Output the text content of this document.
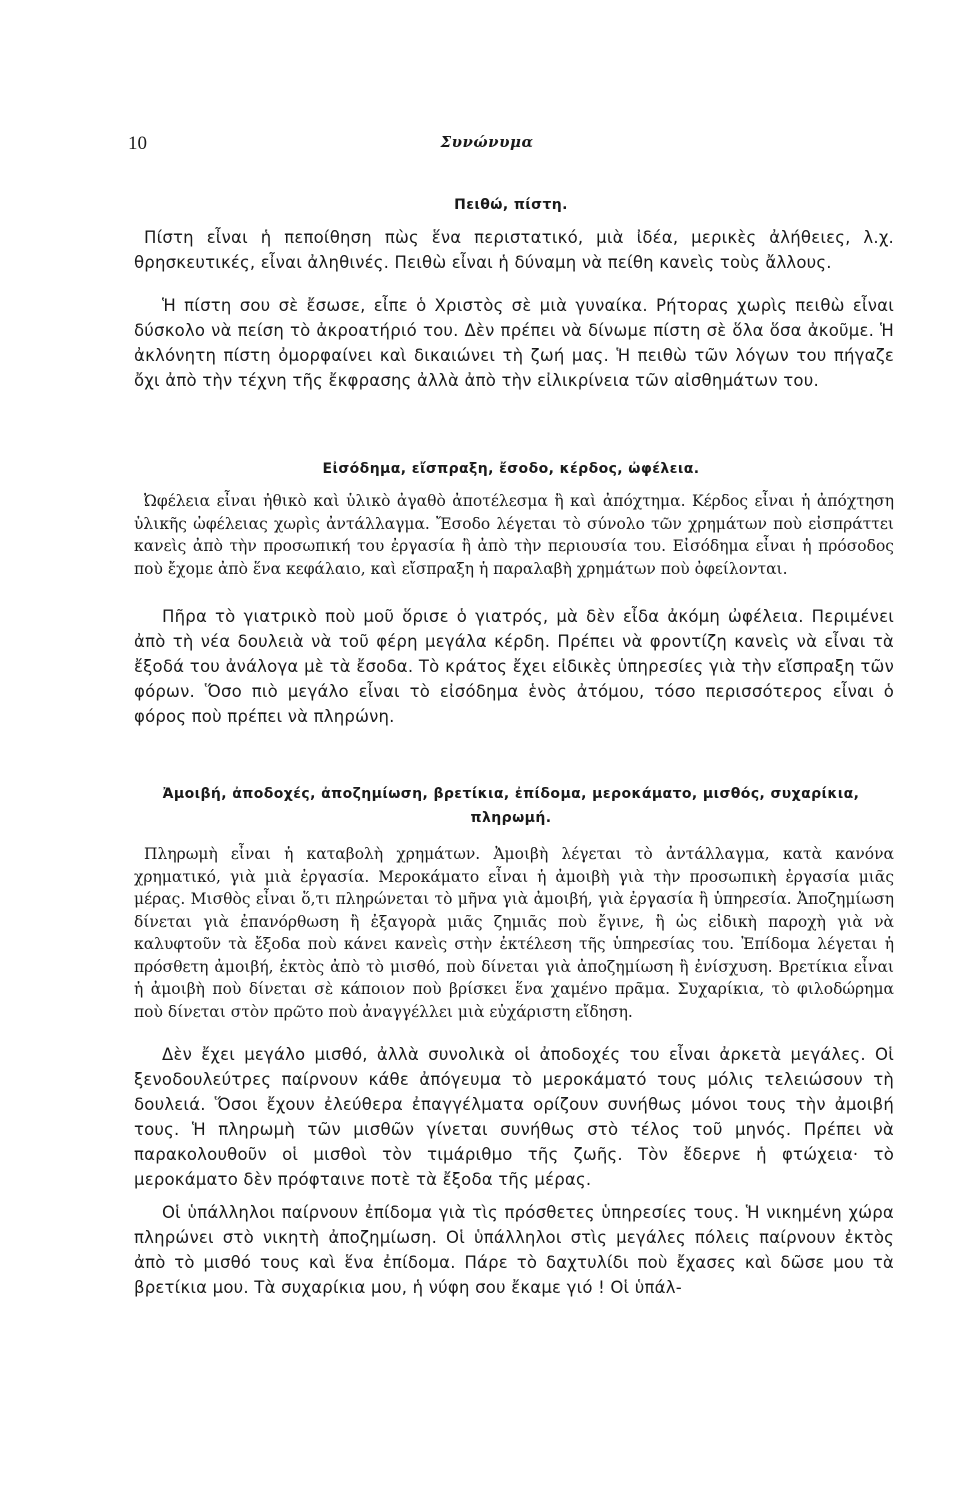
10	Συνώνυμα
Πειθώ, πίστη.

Πίστη εἶναι ἡ πεποίθηση πὼς ἕνα περιστατικό, μιὰ ἰδέα, μερικὲς ἀλήθειες, λ.χ. θρησκευτικές, εἶναι ἀληθινές. Πειθὼ εἶναι ἡ δύναμη νὰ πείθη κανεὶς τοὺς ἄλλους.

Ἡ πίστη σου σὲ ἔσωσε, εἶπε ὁ Χριστὸς σὲ μιὰ γυναίκα. Ρήτορας χωρὶς πειθὼ εἶναι δύσκολο νὰ πείση τὸ ἀκροατήριό του. Δὲν πρέπει νὰ δίνωμε πίστη σὲ ὅλα ὅσα ἀκοῦμε. Ἡ ἀκλόνητη πίστη ὀμορφαίνει καὶ δικαιώνει τὴ ζωή μας. Ἡ πειθὼ τῶν λόγων του πήγαζε ὄχι ἀπὸ τὴν τέχνη τῆς ἔκφρασης ἀλλὰ ἀπὸ τὴν εἰλικρίνεια τῶν αἰσθημάτων του.

Εἰσόδημα, εἴσπραξη, ἔσοδο, κέρδος, ὠφέλεια.

Ὠφέλεια εἶναι ἠθικὸ καὶ ὑλικὸ ἀγαθὸ ἀποτέλεσμα ἢ καὶ ἀπόχτημα. Κέρδος εἶναι ἡ ἀπόχτηση ὑλικῆς ὠφέλειας χωρὶς ἀντάλλαγμα. Ἔσοδο λέγεται τὸ σύνολο τῶν χρημάτων ποὺ εἰσπράττει κανεὶς ἀπὸ τὴν προσωπική του ἐργασία ἢ ἀπὸ τὴν περιουσία του. Εἰσόδημα εἶναι ἡ πρόσοδος ποὺ ἔχομε ἀπὸ ἕνα κεφάλαιο, καὶ εἴσπραξη ἡ παραλαβὴ χρημάτων ποὺ ὀφείλονται.

Πῆρα τὸ γιατρικὸ ποὺ μοῦ ὅρισε ὁ γιατρός, μὰ δὲν εἶδα ἀκόμη ὠφέλεια. Περιμένει ἀπὸ τὴ νέα δουλειὰ νὰ τοῦ φέρη μεγάλα κέρδη. Πρέπει νὰ φροντίζη κανεὶς νὰ εἶναι τὰ ἔξοδά του ἀνάλογα μὲ τὰ ἔσοδα. Τὸ κράτος ἔχει εἰδικὲς ὑπηρεσίες γιὰ τὴν εἴσπραξη τῶν φόρων. Ὅσο πιὸ μεγάλο εἶναι τὸ εἰσόδημα ἑνὸς ἀτόμου, τόσο περισσότερος εἶναι ὁ φόρος ποὺ πρέπει νὰ πληρώνη.

Ἀμοιβή, ἀποδοχές, ἀποζημίωση, βρετίκια, ἐπίδομα, μεροκάματο, μισθός, συχαρίκια, πληρωμή.

Πληρωμὴ εἶναι ἡ καταβολὴ χρημάτων. Ἀμοιβὴ λέγεται τὸ ἀντάλλαγμα, κατὰ κανόνα χρηματικό, γιὰ μιὰ ἐργασία. Μεροκάματο εἶναι ἡ ἀμοιβὴ γιὰ τὴν προσωπικὴ ἐργασία μιᾶς μέρας. Μισθὸς εἶναι ὅ,τι πληρώνεται τὸ μῆνα γιὰ ἀμοιβή, γιὰ ἐργασία ἢ ὑπηρεσία. Ἀποζημίωση δίνεται γιὰ ἐπανόρθωση ἢ ἐξαγορὰ μιᾶς ζημιᾶς ποὺ ἔγινε, ἢ ὡς εἰδικὴ παροχὴ γιὰ νὰ καλυφτοῦν τὰ ἔξοδα ποὺ κάνει κανεὶς στὴν ἐκτέλεση τῆς ὑπηρεσίας του. Ἐπίδομα λέγεται ἡ πρόσθετη ἀμοιβή, ἐκτὸς ἀπὸ τὸ μισθό, ποὺ δίνεται γιὰ ἀποζημίωση ἢ ἐνίσχυση. Βρετίκια εἶναι ἡ ἀμοιβὴ ποὺ δίνεται σὲ κάποιον ποὺ βρίσκει ἕνα χαμένο πρᾶμα. Συχαρίκια, τὸ φιλοδώρημα ποὺ δίνεται στὸν πρῶτο ποὺ ἀναγγέλλει μιὰ εὐχάριστη εἴδηση.

Δὲν ἔχει μεγάλο μισθό, ἀλλὰ συνολικὰ οἱ ἀποδοχές του εἶναι ἀρκετὰ μεγάλες. Οἱ ξενοδουλεύτρες παίρνουν κάθε ἀπόγευμα τὸ μεροκάματό τους μόλις τελειώσουν τὴ δουλειά. Ὅσοι ἔχουν ἐλεύθερα ἐπαγγέλματα ορίζουν συνήθως μόνοι τους τὴν ἀμοιβή τους. Ἡ πληρωμὴ τῶν μισθῶν γίνεται συνήθως στὸ τέλος τοῦ μηνός. Πρέπει νὰ παρακολουθοῦν οἱ μισθοὶ τὸν τιμάριθμο τῆς ζωῆς. Τὸν ἔδερνε ἡ φτώχεια· τὸ μεροκάματο δὲν πρόφταινε ποτὲ τὰ ἔξοδα τῆς μέρας.

Οἱ ὑπάλληλοι παίρνουν ἐπίδομα γιὰ τὶς πρόσθετες ὑπηρεσίες τους. Ἡ νικημένη χώρα πληρώνει στὸ νικητὴ ἀποζημίωση. Οἱ ὑπάλληλοι στὶς μεγάλες πόλεις παίρνουν ἐκτὸς ἀπὸ τὸ μισθό τους καὶ ἕνα ἐπίδομα. Πάρε τὸ δαχτυλίδι ποὺ ἔχασες καὶ δῶσε μου τὰ βρετίκια μου. Τὰ συχαρίκια μου, ἡ νύφη σου ἔκαμε γιό ! Οἱ ὑπάλ-
